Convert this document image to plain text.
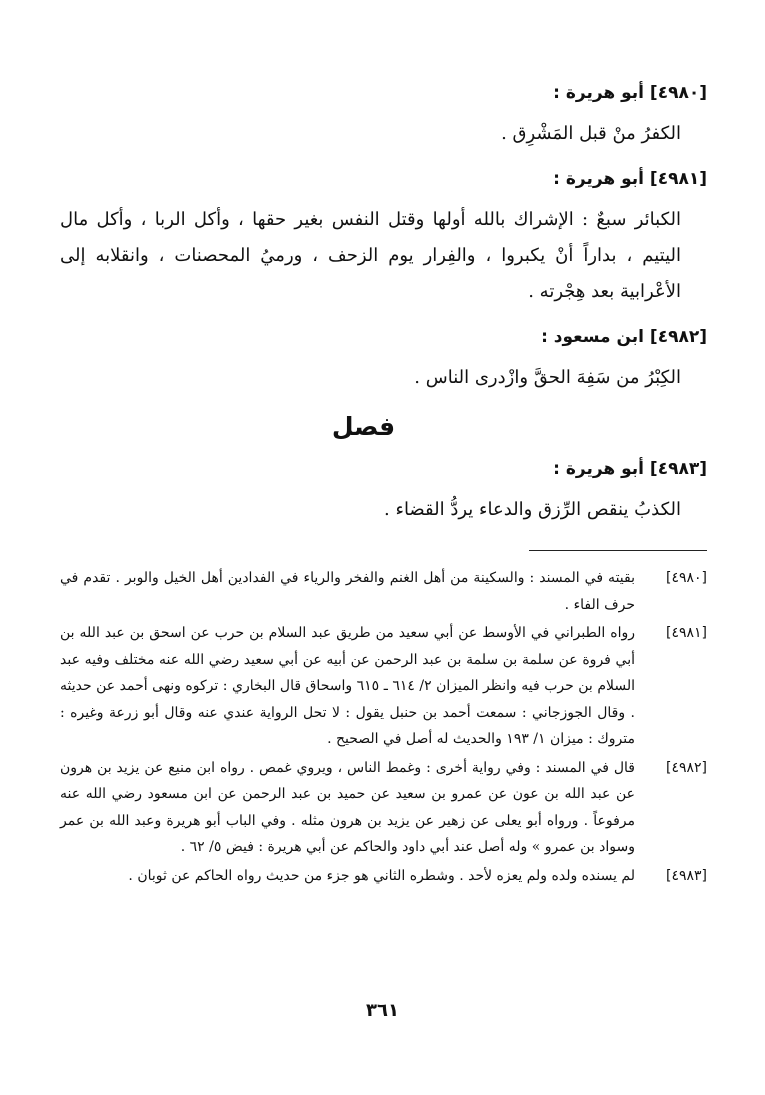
[٤٩٨٠] أبو هريرة :
الكفرُ منْ قبل المَشْرِق .
[٤٩٨١] أبو هريرة :
الكبائر سبعٌ : الإشراك بالله أولها وقتل النفس بغير حقها ، وأكل الربا ، وأكل مال اليتيم ، بداراً أنْ يكبروا ، والفِرار يوم الزحف ، ورميُ المحصنات ، وانقلابه إلى الأعْرابية بعد هِجْرته .
[٤٩٨٢] ابن مسعود :
الكِبْرُ من سَفِهَ الحقَّ وازْدرى الناس .
فصل
[٤٩٨٣] أبو هريرة :
الكذبُ ينقص الرِّزق والدعاء يردُّ القضاء .
[٤٩٨٠]
بقيته في المسند : والسكينة من أهل الغنم والفخر والرياء في الفدادين أهل الخيل والوبر . تقدم في حرف الفاء .
[٤٩٨١]
رواه الطبراني في الأوسط عن أبي سعيد من طريق عبد السلام بن حرب عن اسحق بن عبد الله بن أبي فروة عن سلمة بن سلمة بن عبد الرحمن عن أبيه عن أبي سعيد رضي الله عنه مختلف وفيه عبد السلام بن حرب فيه وانظر الميزان ٢/ ٦١٤ ـ ٦١٥ واسحاق قال البخاري : تركوه ونهى أحمد عن حديثه . وقال الجوزجاني : سمعت أحمد بن حنبل يقول : لا تحل الرواية عندي عنه وقال أبو زرعة وغيره : متروك : ميزان ١/ ١٩٣ والحديث له أصل في الصحيح .
[٤٩٨٢]
قال في المسند : وفي رواية أخرى : وغمط الناس ، ويروي غمص . رواه ابن منيع عن يزيد بن هرون عن عبد الله بن عون عن عمرو بن سعيد عن حميد بن عبد الرحمن عن ابن مسعود رضي الله عنه مرفوعاً . ورواه أبو يعلى عن زهير عن يزيد بن هرون مثله . وفي الباب أبو هريرة وعبد الله بن عمر وسواد بن عمرو » وله أصل عند أبي داود والحاكم عن أبي هريرة : فيض ٥/ ٦٢ .
[٤٩٨٣]
لم يسنده ولده ولم يعزه لأحد . وشطره الثاني هو جزء من حديث رواه الحاكم عن ثوبان .
٣٦١
